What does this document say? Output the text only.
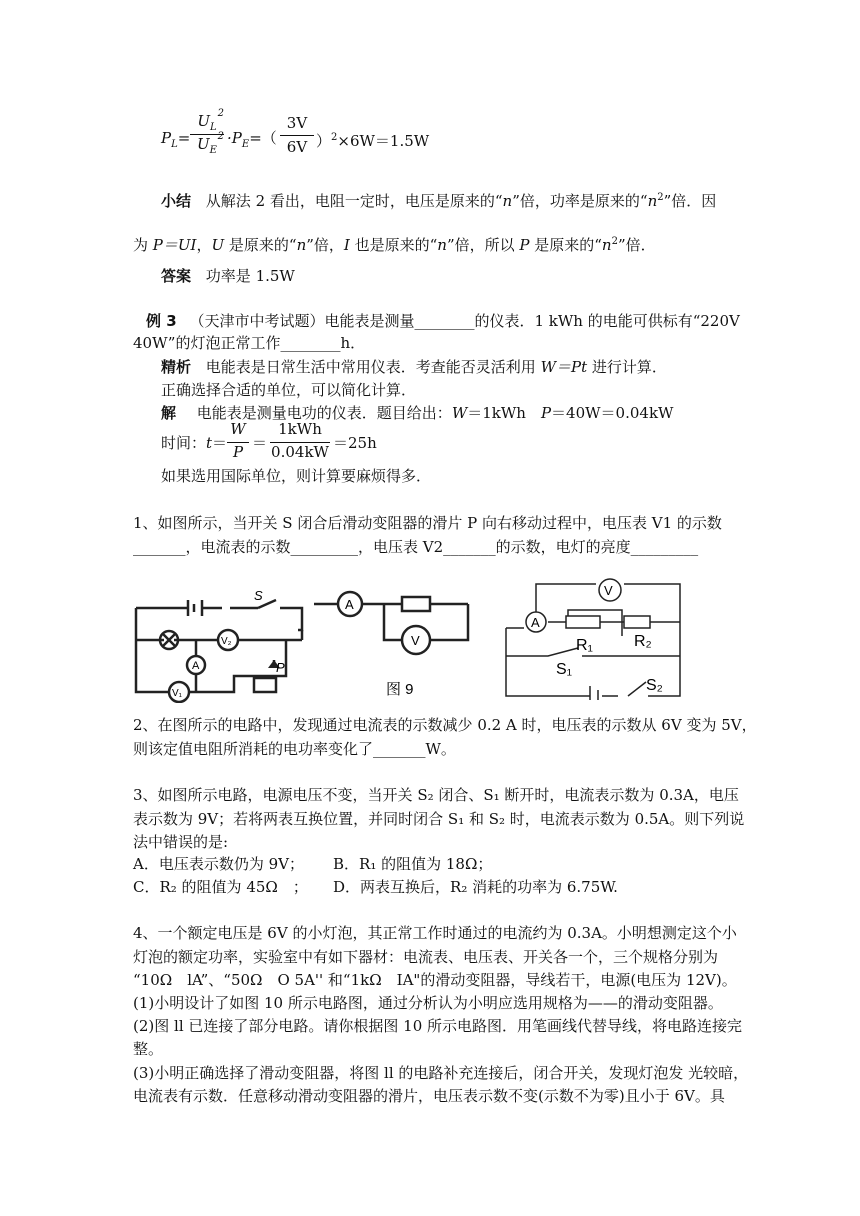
$P_L=$
$U_L$
2
$U_E$
$2 \cdot P_E=$（
3V
6V ）$^2$×6W＝1.5W
小结 从解法 2 看出，电阻一定时，电压是原来的“n”倍，功率是原来的“$n^2$”倍．因
为 P＝UI，U 是原来的“n”倍，I 也是原来的“n”倍，所以 P 是原来的“$n^2$”倍．
答案 功率是 1.5W
例 3 （天津市中考试题）电能表是测量________的仪表．1 kWh 的电能可供标有“220V
40W”的灯泡正常工作________h．
精析 电能表是日常生活中常用仪表．考查能否灵活利用 W＝Pt 进行计算．
正确选择合适的单位，可以简化计算．
解 电能表是测量电功的仪表．题目给出：W＝1kWh　P＝40W＝0.04kW
时间：t＝
W
P ＝
1kWh
0.04kW ＝25h
如果选用国际单位，则计算要麻烦得多．
1、如图所示，当开关 S 闭合后滑动变阻器的滑片 P 向右移动过程中，电压表 V1 的示数
_______，电流表的示数_________，电压表 V2_______的示数，电灯的亮度_________
V₂
A
V₁
S
P
A
V
图 9
V
A
R₁	R₂
S₁
S₂
2、在图所示的电路中，发现通过电流表的示数减少 0.2 A 时，电压表的示数从 6V 变为 5V，
则该定值电阻所消耗的电功率变化了_______W。
3、如图所示电路，电源电压不变，当开关 S₂ 闭合、S₁ 断开时，电流表示数为 0.3A，电压
表示数为 9V；若将两表互换位置，并同时闭合 S₁ 和 S₂ 时，电流表示数为 0.5A。则下列说
法中错误的是:
A．电压表示数仍为 9V； B．R₁ 的阻值为 18Ω；
C．R₂ 的阻值为 45Ω　； D．两表互换后，R₂ 消耗的功率为 6.75W.
4、一个额定电压是 6V 的小灯泡，其正常工作时通过的电流约为 0.3A。小明想测定这个小
灯泡的额定功率，实验室中有如下器材：电流表、电压表、开关各一个，三个规格分别为
“10Ω　lA”、“50Ω　O 5A'' 和“1kΩ　IA"的滑动变阻器，导线若干，电源(电压为 12V)。
(1)小明设计了如图 10 所示电路图，通过分析认为小明应选用规格为——的滑动变阻器。
(2)图 ll 已连接了部分电路。请你根据图 10 所示电路图．用笔画线代替导线，将电路连接完
整。
(3)小明正确选择了滑动变阻器，将图 ll 的电路补充连接后，闭合开关，发现灯泡发 光较暗，
电流表有示数．任意移动滑动变阻器的滑片，电压表示数不变(示数不为零)且小于 6V。具
